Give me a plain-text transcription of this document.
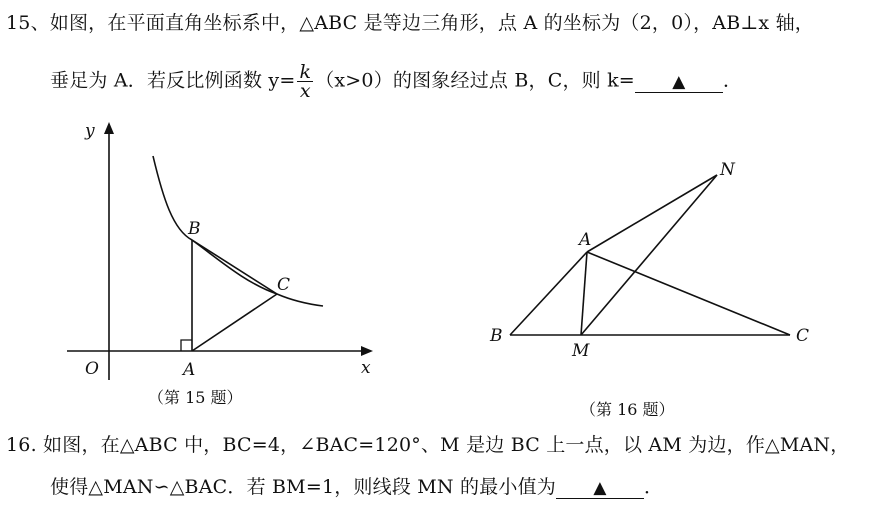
15、如图，在平面直角坐标系中，△ABC 是等边三角形，点 A 的坐标为（2，0），AB⊥x 轴，
垂足为 A．若反比例函数 $y= \frac{k}{x} (x>0)$的图象经过点 B，C，则 k= ▲ ．
y
x
O	A
B
C
（第 15 题）
A
B	C
M
N
（第 16 题）
16. 如图，在△ABC 中，BC=4，∠BAC=120°、M 是边 BC 上一点，以 AM 为边，作△MAN，
使得△MAN∽△BAC．若 BM=1，则线段 MN 的最小值为 ▲ ．
